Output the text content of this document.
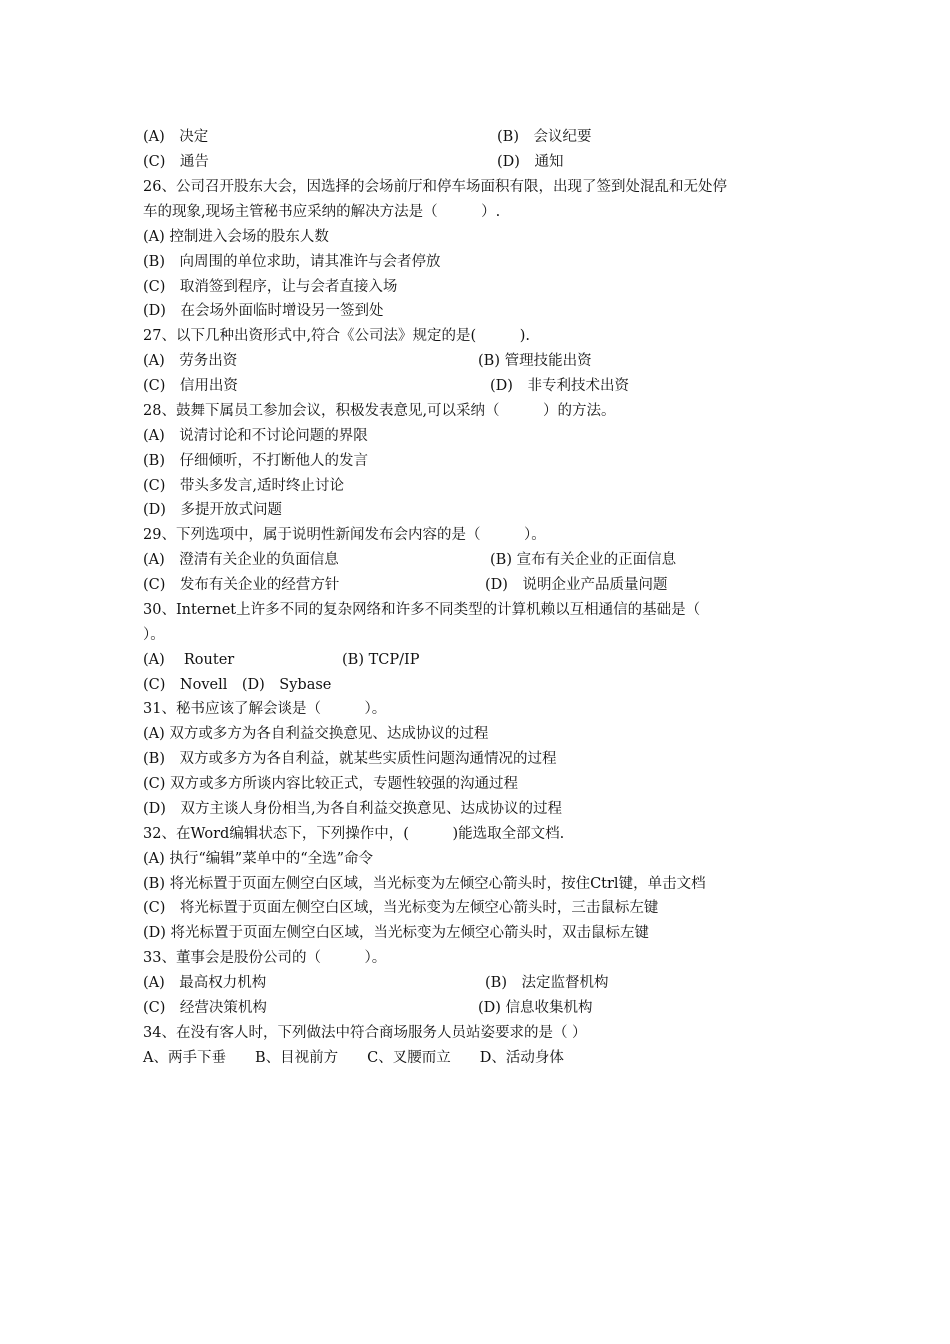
(A)　决定	(B)　会议纪要
(C)　通告	(D)　通知
26、公司召开股东大会，因选择的会场前厅和停车场面积有限，出现了签到处混乱和无处停
车的现象,现场主管秘书应采纳的解决方法是（　　　）.
(A) 控制进入会场的股东人数
(B)　向周围的单位求助，请其准许与会者停放
(C)　取消签到程序，让与会者直接入场
(D)　在会场外面临时增设另一签到处
27、以下几种出资形式中,符合《公司法》规定的是(　　　).
(A)　劳务出资	(B) 管理技能出资
(C)　信用出资	(D)　非专利技术出资
28、鼓舞下属员工参加会议，积极发表意见,可以采纳（　　　）的方法。
(A)　说清讨论和不讨论问题的界限
(B)　仔细倾听，不打断他人的发言
(C)　带头多发言,适时终止讨论
(D)　多提开放式问题
29、下列选项中，属于说明性新闻发布会内容的是（　　　）。
(A)　澄清有关企业的负面信息	(B) 宣布有关企业的正面信息
(C)　发布有关企业的经营方针	(D)　说明企业产品质量问题
30、Internet上许多不同的复杂网络和许多不同类型的计算机赖以互相通信的基础是（
）。
(A)　 Router	(B) TCP/IP
(C)　Novell　(D)　Sybase
31、秘书应该了解会谈是（　　　）。
(A) 双方或多方为各自利益交换意见、达成协议的过程
(B)　双方或多方为各自利益，就某些实质性问题沟通情况的过程
(C) 双方或多方所谈内容比较正式，专题性较强的沟通过程
(D)　双方主谈人身份相当,为各自利益交换意见、达成协议的过程
32、在Word编辑状态下，下列操作中，(　　　)能选取全部文档.
(A) 执行“编辑”菜单中的“全选”命令
(B) 将光标置于页面左侧空白区域，当光标变为左倾空心箭头时，按住Ctrl键，单击文档
(C)　将光标置于页面左侧空白区域，当光标变为左倾空心箭头时，三击鼠标左键
(D) 将光标置于页面左侧空白区域，当光标变为左倾空心箭头时，双击鼠标左键
33、董事会是股份公司的（　　　）。
(A)　最高权力机构	(B)　法定监督机构
(C)　经营决策机构	(D) 信息收集机构
34、在没有客人时，下列做法中符合商场服务人员站姿要求的是（ ）
A、两手下垂　　B、目视前方　　C、叉腰而立　　D、活动身体
